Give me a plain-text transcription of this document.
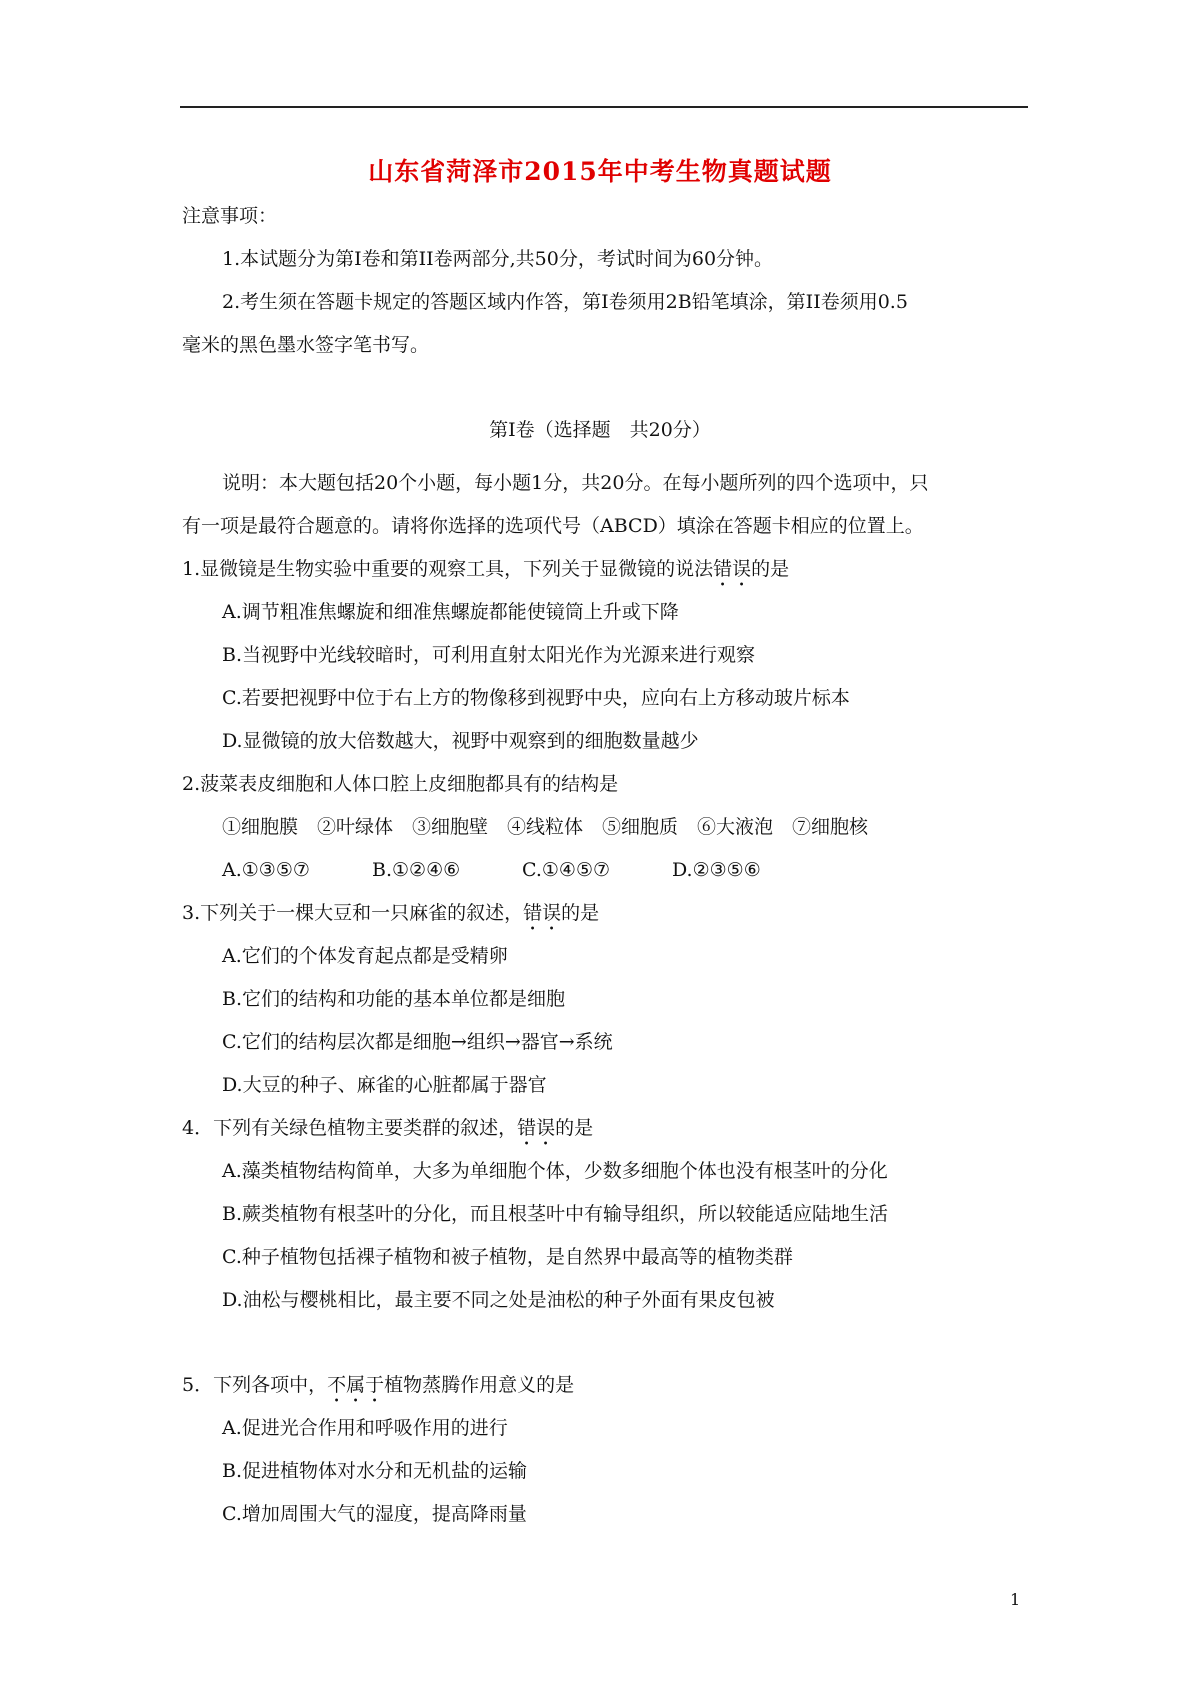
山东省菏泽市2015年中考生物真题试题
注意事项：
1.本试题分为第Ⅰ卷和第II卷两部分,共50分，考试时间为60分钟。
2.考生须在答题卡规定的答题区域内作答，第Ⅰ卷须用2B铅笔填涂，第II卷须用0.5
毫米的黑色墨水签字笔书写。
第Ⅰ卷（选择题　共20分）
说明：本大题包括20个小题，每小题1分，共20分。在每小题所列的四个选项中，只
有一项是最符合题意的。请将你选择的选项代号（ABCD）填涂在答题卡相应的位置上。
1.显微镜是生物实验中重要的观察工具，下列关于显微镜的说法错误的是
A.调节粗准焦螺旋和细准焦螺旋都能使镜筒上升或下降
B.当视野中光线较暗时，可利用直射太阳光作为光源来进行观察
C.若要把视野中位于右上方的物像移到视野中央，应向右上方移动玻片标本
D.显微镜的放大倍数越大，视野中观察到的细胞数量越少
2.菠菜表皮细胞和人体口腔上皮细胞都具有的结构是
①细胞膜　②叶绿体　③细胞壁　④线粒体　⑤细胞质　⑥大液泡　⑦细胞核
A.①③⑤⑦	B.①②④⑥	C.①④⑤⑦	D.②③⑤⑥
3.下列关于一棵大豆和一只麻雀的叙述，错误的是
A.它们的个体发育起点都是受精卵
B.它们的结构和功能的基本单位都是细胞
C.它们的结构层次都是细胞→组织→器官→系统
D.大豆的种子、麻雀的心脏都属于器官
4．下列有关绿色植物主要类群的叙述，错误的是
A.藻类植物结构简单，大多为单细胞个体，少数多细胞个体也没有根茎叶的分化
B.蕨类植物有根茎叶的分化，而且根茎叶中有输导组织，所以较能适应陆地生活
C.种子植物包括裸子植物和被子植物，是自然界中最高等的植物类群
D.油松与樱桃相比，最主要不同之处是油松的种子外面有果皮包被
5．下列各项中，不属于植物蒸腾作用意义的是
A.促进光合作用和呼吸作用的进行
B.促进植物体对水分和无机盐的运输
C.增加周围大气的湿度，提高降雨量
1
